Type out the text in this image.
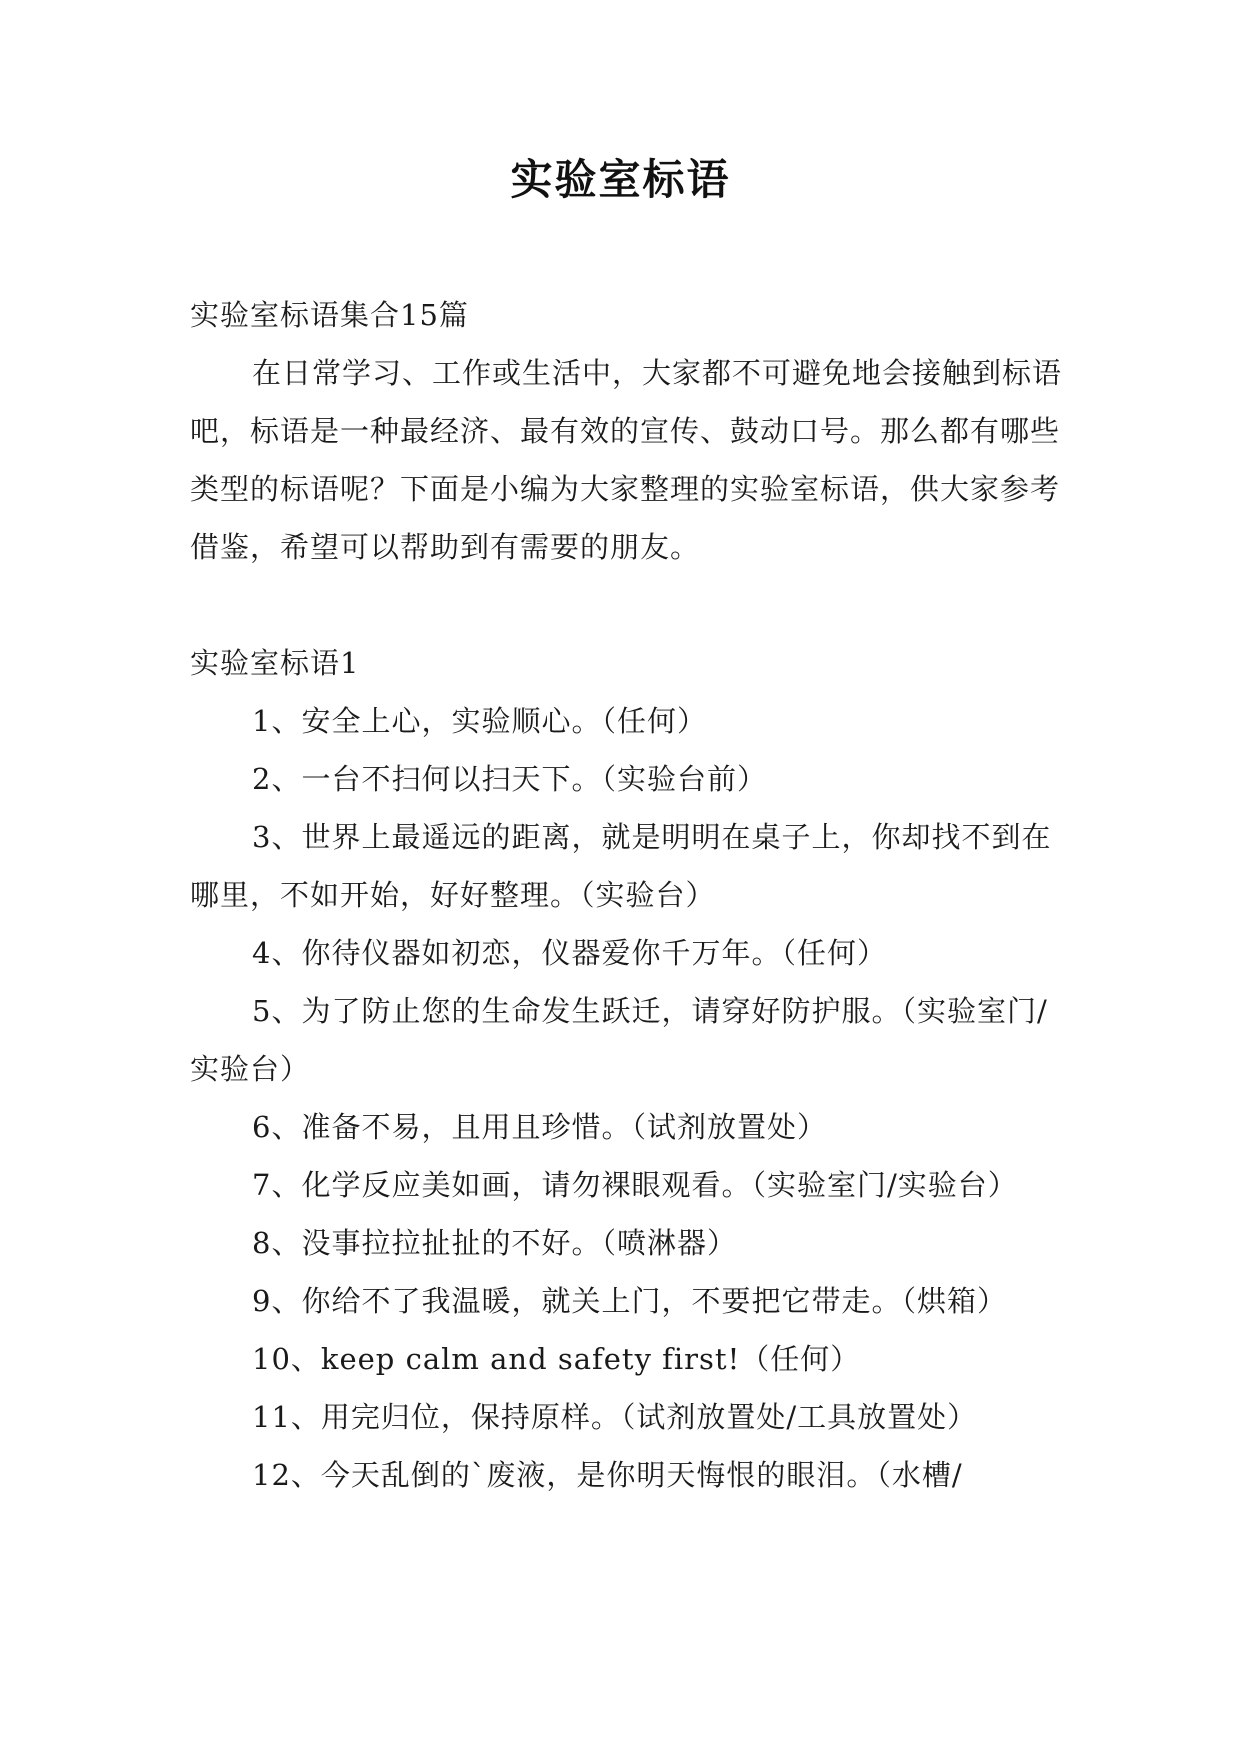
实验室标语

实验室标语集合15篇

在日常学习、工作或生活中，大家都不可避免地会接触到标语吧，标语是一种最经济、最有效的宣传、鼓动口号。那么都有哪些类型的标语呢？下面是小编为大家整理的实验室标语，供大家参考借鉴，希望可以帮助到有需要的朋友。

实验室标语1

1、安全上心，实验顺心。（任何）

2、一台不扫何以扫天下。（实验台前）

3、世界上最遥远的距离，就是明明在桌子上，你却找不到在哪里，不如开始，好好整理。（实验台）

4、你待仪器如初恋，仪器爱你千万年。（任何）

5、为了防止您的生命发生跃迁，请穿好防护服。（实验室门/实验台）

6、准备不易，且用且珍惜。（试剂放置处）

7、化学反应美如画，请勿裸眼观看。（实验室门/实验台）

8、没事拉拉扯扯的不好。（喷淋器）

9、你给不了我温暖，就关上门，不要把它带走。（烘箱）

10、keep calm and safety first!（任何）

11、用完归位，保持原样。（试剂放置处/工具放置处）

12、今天乱倒的`废液，是你明天悔恨的眼泪。（水槽/
